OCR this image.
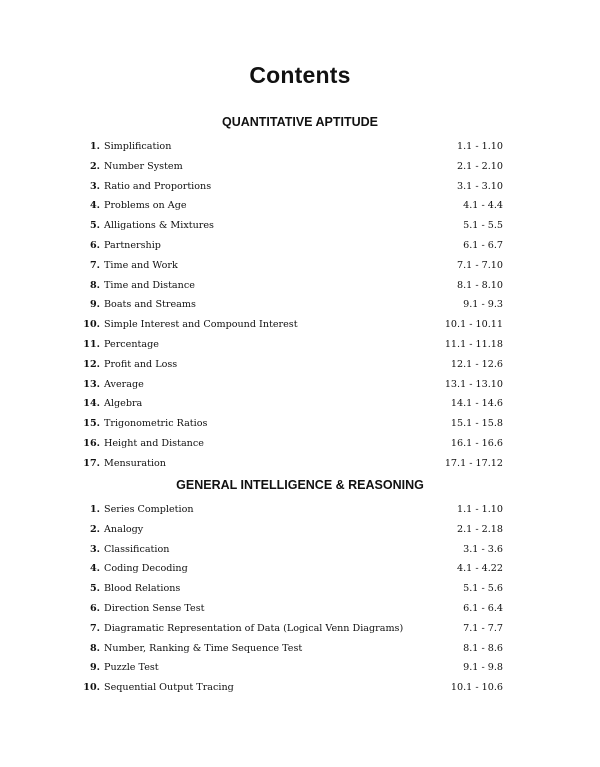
Contents
QUANTITATIVE APTITUDE
1. Simplification	1.1 - 1.10
2. Number System	2.1 - 2.10
3. Ratio and Proportions	3.1 - 3.10
4. Problems on Age	4.1 - 4.4
5. Alligations & Mixtures	5.1 - 5.5
6. Partnership	6.1 - 6.7
7. Time and Work	7.1 - 7.10
8. Time and Distance	8.1 - 8.10
9. Boats and Streams	9.1 - 9.3
10. Simple Interest and Compound Interest	10.1 - 10.11
11. Percentage	11.1 - 11.18
12. Profit and Loss	12.1 - 12.6
13. Average	13.1 - 13.10
14. Algebra	14.1 - 14.6
15. Trigonometric Ratios	15.1 - 15.8
16. Height and Distance	16.1 - 16.6
17. Mensuration	17.1 - 17.12
GENERAL INTELLIGENCE & REASONING
1. Series Completion	1.1 - 1.10
2. Analogy	2.1 - 2.18
3. Classification	3.1 - 3.6
4. Coding Decoding	4.1 - 4.22
5. Blood Relations	5.1 - 5.6
6. Direction Sense Test	6.1 - 6.4
7. Diagramatic Representation of Data (Logical Venn Diagrams)	7.1 - 7.7
8. Number, Ranking & Time Sequence Test	8.1 - 8.6
9. Puzzle Test	9.1 - 9.8
10. Sequential Output Tracing	10.1 - 10.6
